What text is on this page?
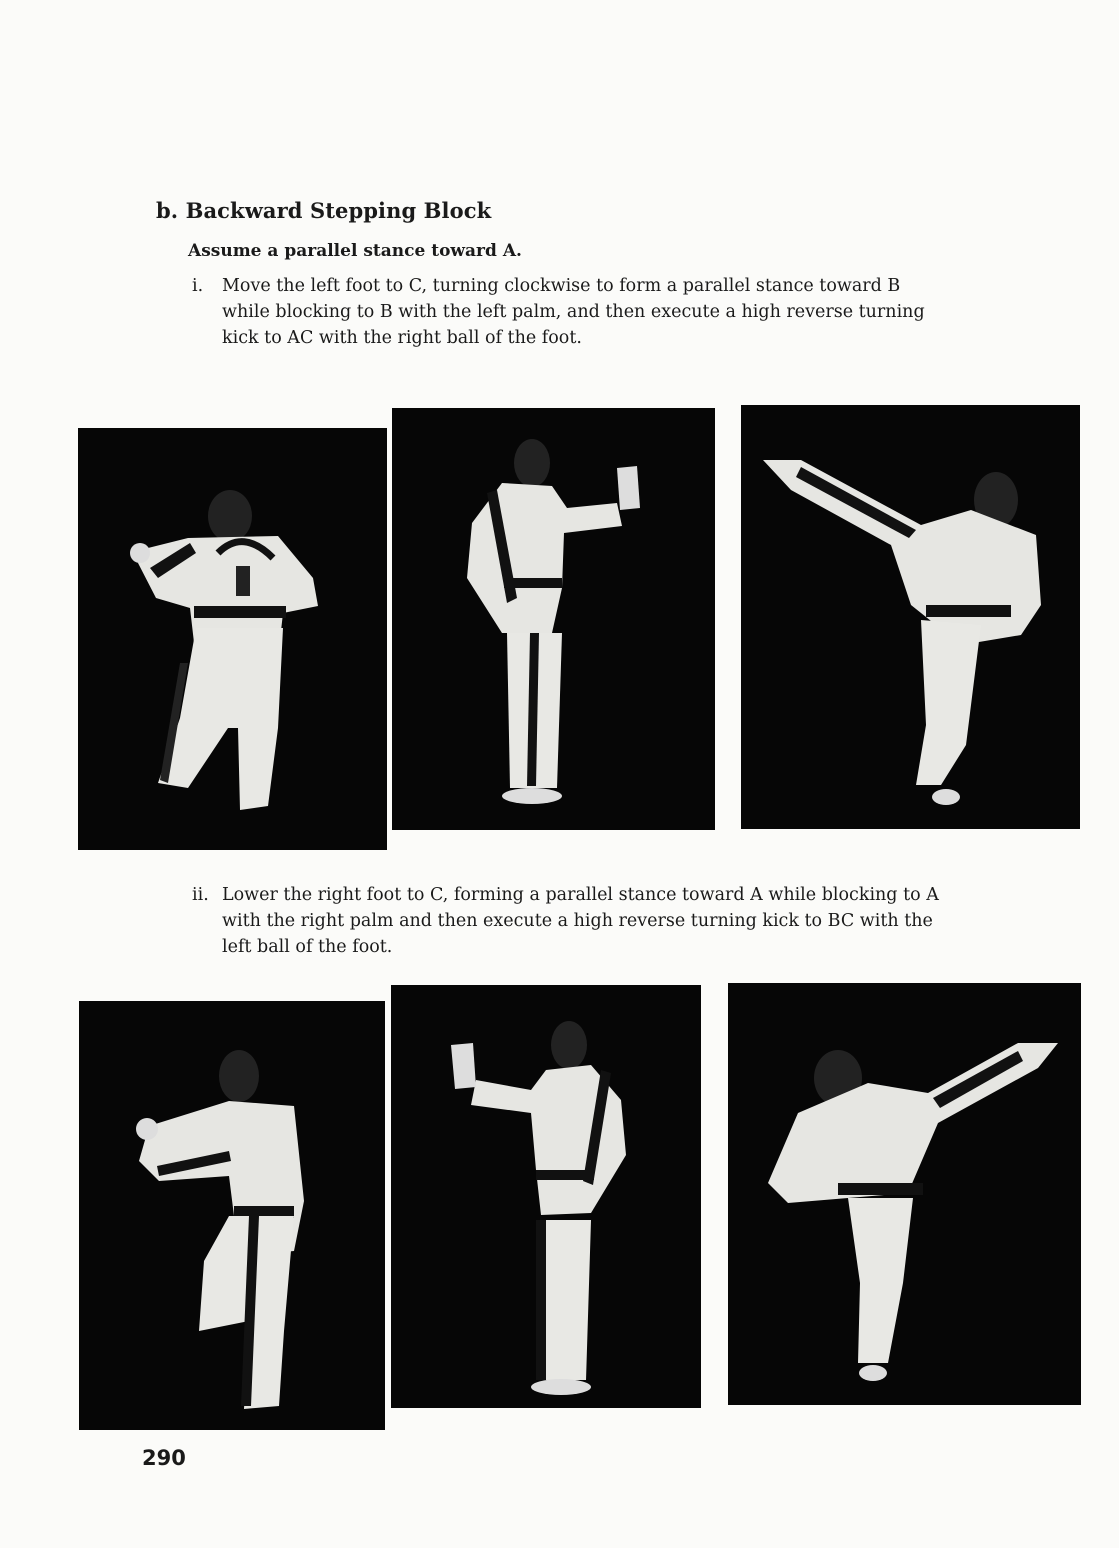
b. Backward Stepping Block
Assume a parallel stance toward A.
i.	Move the left foot to C, turning clockwise to form a parallel stance toward B while blocking to B with the left palm, and then execute a high reverse turning kick to AC with the right ball of the foot.
ii. Lower the right foot to C, forming a parallel stance toward A while blocking to A with the right palm and then execute a high reverse turning kick to BC with the left ball of the foot.
290
